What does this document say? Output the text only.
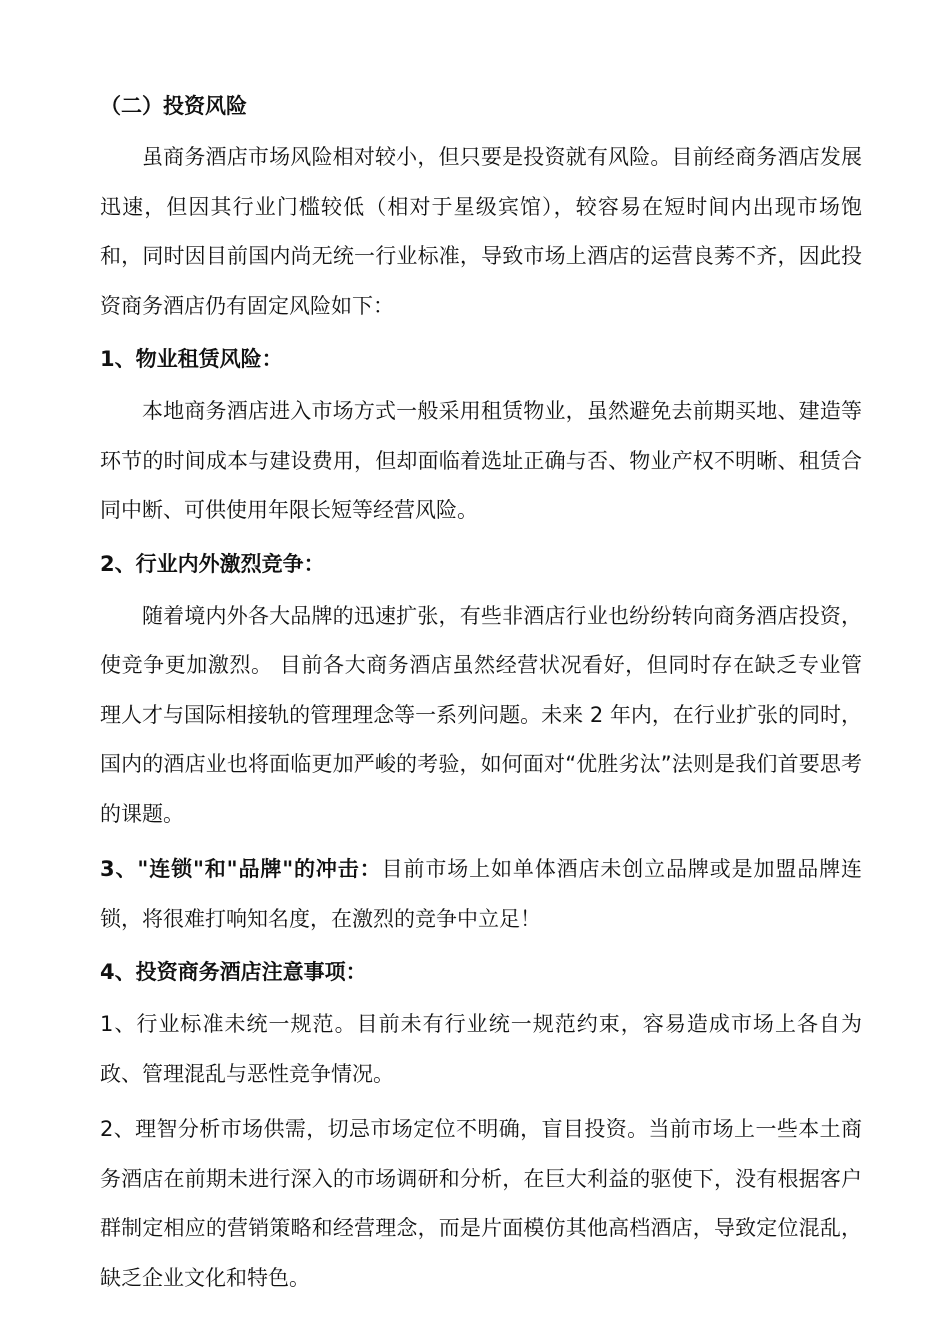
（二）投资风险

虽商务酒店市场风险相对较小，但只要是投资就有风险。目前经商务酒店发展迅速，但因其行业门槛较低（相对于星级宾馆），较容易在短时间内出现市场饱和，同时因目前国内尚无统一行业标准，导致市场上酒店的运营良莠不齐，因此投资商务酒店仍有固定风险如下：

1、物业租赁风险：

本地商务酒店进入市场方式一般采用租赁物业，虽然避免去前期买地、建造等环节的时间成本与建设费用，但却面临着选址正确与否、物业产权不明晰、租赁合同中断、可供使用年限长短等经营风险。

2、行业内外激烈竞争：

随着境内外各大品牌的迅速扩张，有些非酒店行业也纷纷转向商务酒店投资，使竞争更加激烈。 目前各大商务酒店虽然经营状况看好，但同时存在缺乏专业管理人才与国际相接轨的管理理念等一系列问题。未来 2 年内，在行业扩张的同时，国内的酒店业也将面临更加严峻的考验，如何面对“优胜劣汰”法则是我们首要思考的课题。

3、"连锁"和"品牌"的冲击：目前市场上如单体酒店未创立品牌或是加盟品牌连锁，将很难打响知名度，在激烈的竞争中立足！

4、投资商务酒店注意事项：

1、行业标准未统一规范。目前未有行业统一规范约束，容易造成市场上各自为政、管理混乱与恶性竞争情况。

2、理智分析市场供需，切忌市场定位不明确，盲目投资。当前市场上一些本土商务酒店在前期未进行深入的市场调研和分析，在巨大利益的驱使下，没有根据客户群制定相应的营销策略和经营理念，而是片面模仿其他高档酒店，导致定位混乱，缺乏企业文化和特色。
